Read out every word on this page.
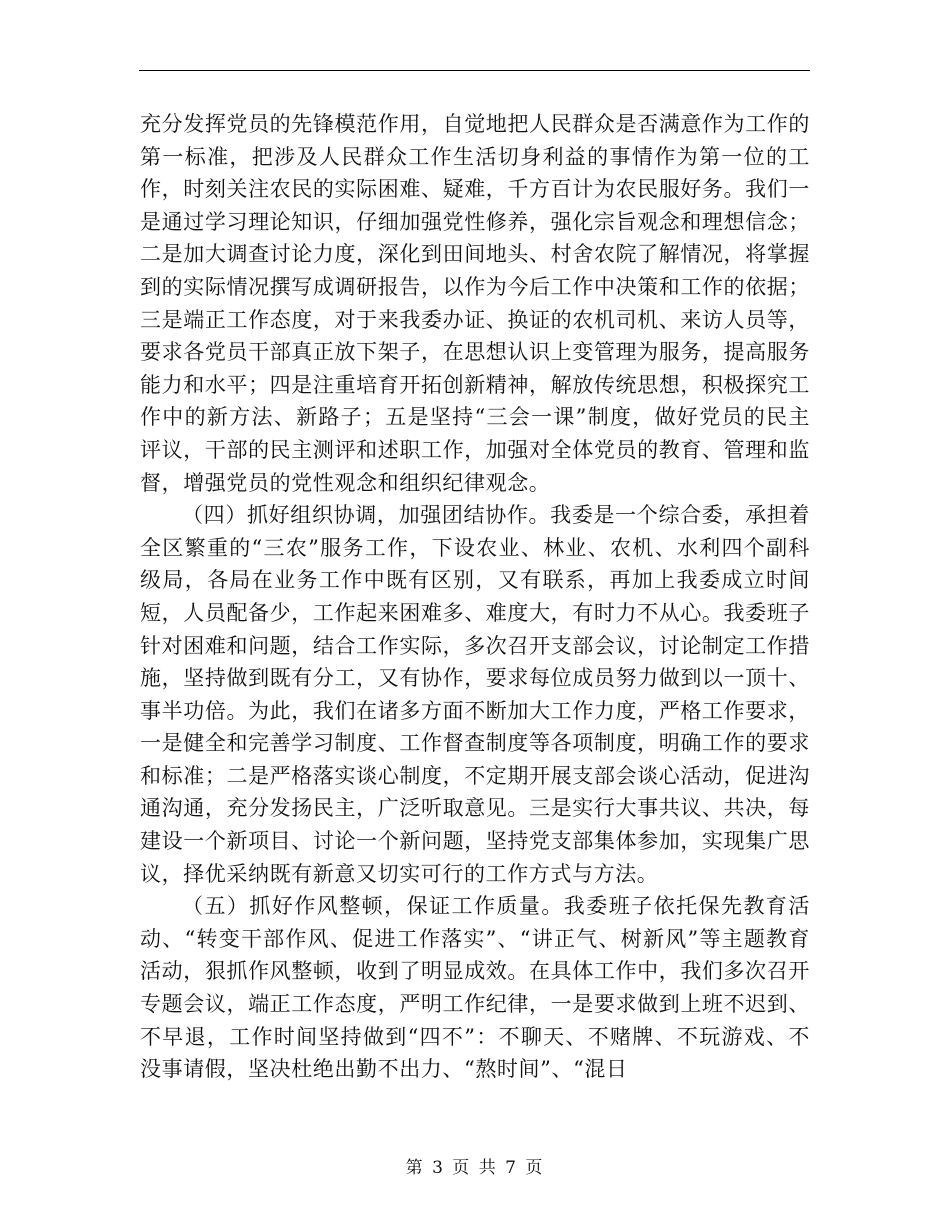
充分发挥党员的先锋模范作用，自觉地把人民群众是否满意作为工作的第一标准，把涉及人民群众工作生活切身利益的事情作为第一位的工作，时刻关注农民的实际困难、疑难，千方百计为农民服好务。我们一是通过学习理论知识，仔细加强党性修养，强化宗旨观念和理想信念；二是加大调查讨论力度，深化到田间地头、村舍农院了解情况，将掌握到的实际情况撰写成调研报告，以作为今后工作中决策和工作的依据；三是端正工作态度，对于来我委办证、换证的农机司机、来访人员等，要求各党员干部真正放下架子，在思想认识上变管理为服务，提高服务能力和水平；四是注重培育开拓创新精神，解放传统思想，积极探究工作中的新方法、新路子；五是坚持“三会一课”制度，做好党员的民主评议，干部的民主测评和述职工作，加强对全体党员的教育、管理和监督，增强党员的党性观念和组织纪律观念。

（四）抓好组织协调，加强团结协作。我委是一个综合委，承担着全区繁重的“三农”服务工作，下设农业、林业、农机、水利四个副科级局，各局在业务工作中既有区别，又有联系，再加上我委成立时间短，人员配备少，工作起来困难多、难度大，有时力不从心。我委班子针对困难和问题，结合工作实际，多次召开支部会议，讨论制定工作措施，坚持做到既有分工，又有协作，要求每位成员努力做到以一顶十、事半功倍。为此，我们在诸多方面不断加大工作力度，严格工作要求，一是健全和完善学习制度、工作督查制度等各项制度，明确工作的要求和标准；二是严格落实谈心制度，不定期开展支部会谈心活动，促进沟通沟通，充分发扬民主，广泛听取意见。三是实行大事共议、共决，每建设一个新项目、讨论一个新问题，坚持党支部集体参加，实现集广思议，择优采纳既有新意又切实可行的工作方式与方法。

（五）抓好作风整顿，保证工作质量。我委班子依托保先教育活动、“转变干部作风、促进工作落实”、“讲正气、树新风”等主题教育活动，狠抓作风整顿，收到了明显成效。在具体工作中，我们多次召开专题会议，端正工作态度，严明工作纪律，一是要求做到上班不迟到、不早退，工作时间坚持做到“四不”：不聊天、不赌牌、不玩游戏、不没事请假，坚决杜绝出勤不出力、“熬时间”、“混日

第 3 页 共 7 页
